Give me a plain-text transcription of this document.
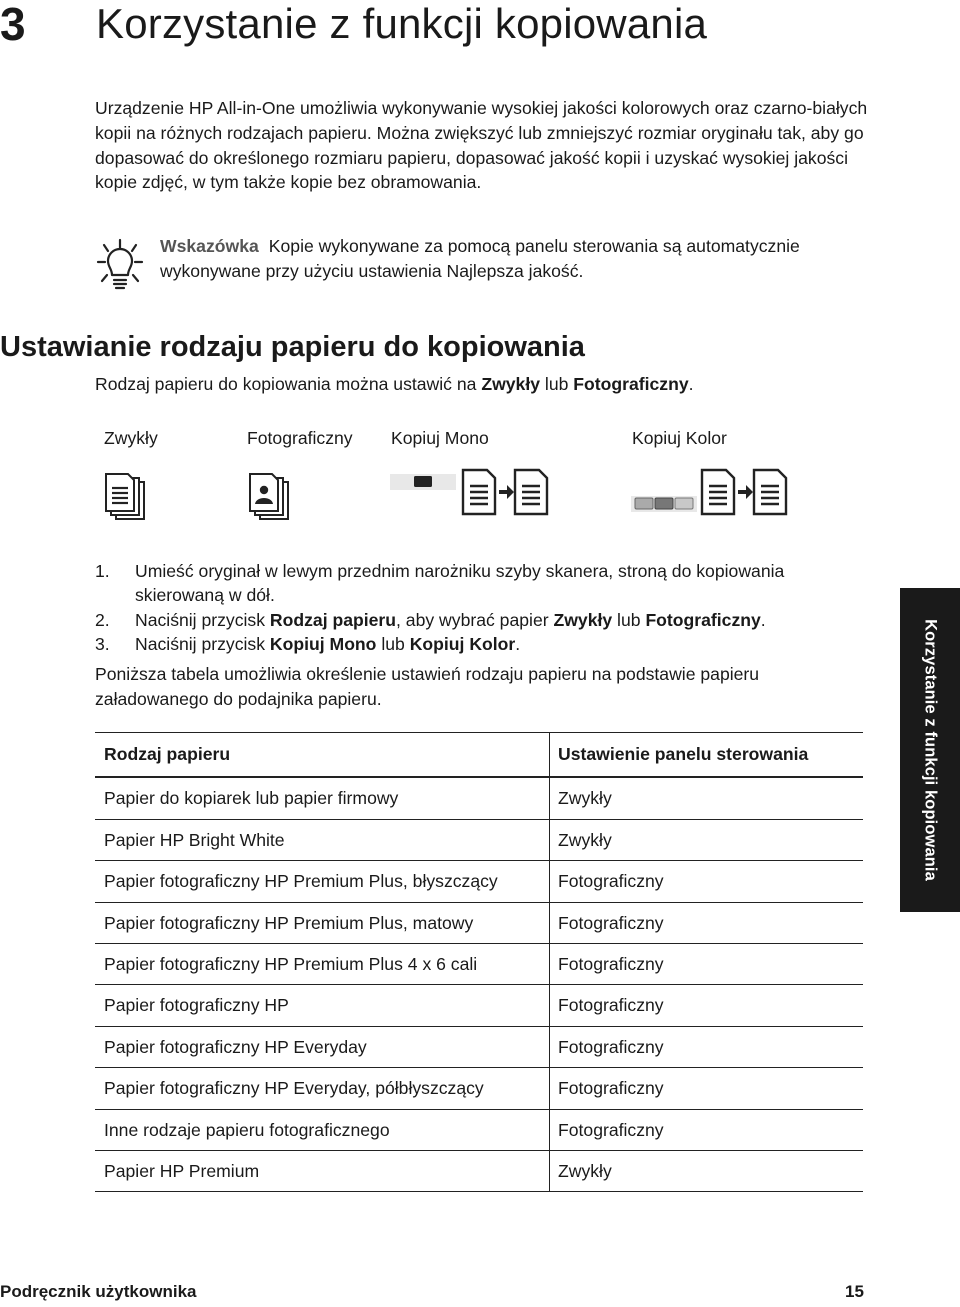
3 Korzystanie z funkcji kopiowania

Urządzenie HP All-in-One umożliwia wykonywanie wysokiej jakości kolorowych oraz czarno-białych kopii na różnych rodzajach papieru. Można zwiększyć lub zmniejszyć rozmiar oryginału tak, aby go dopasować do określonego rozmiaru papieru, dopasować jakość kopii i uzyskać wysokiej jakości kopie zdjęć, w tym także kopie bez obramowania.

Wskazówka Kopie wykonywane za pomocą panelu sterowania są automatycznie wykonywane przy użyciu ustawienia Najlepsza jakość.

Ustawianie rodzaju papieru do kopiowania

Rodzaj papieru do kopiowania można ustawić na Zwykły lub Fotograficzny.

Zwykły	Fotograficzny Kopiuj Mono	Kopiuj Kolor
1. Umieść oryginał w lewym przednim narożniku szyby skanera, stroną do kopiowania skierowaną w dół.
2. Naciśnij przycisk Rodzaj papieru, aby wybrać papier Zwykły lub Fotograficzny.
3. Naciśnij przycisk Kopiuj Mono lub Kopiuj Kolor.

Poniższa tabela umożliwia określenie ustawień rodzaju papieru na podstawie papieru załadowanego do podajnika papieru.

Rodzaj papieru	Ustawienie panelu sterowania
Papier do kopiarek lub papier firmowy	Zwykły
Papier HP Bright White	Zwykły
Papier fotograficzny HP Premium Plus, błyszczący	Fotograficzny
Papier fotograficzny HP Premium Plus, matowy	Fotograficzny
Papier fotograficzny HP Premium Plus 4 x 6 cali	Fotograficzny
Papier fotograficzny HP	Fotograficzny
Papier fotograficzny HP Everyday	Fotograficzny
Papier fotograficzny HP Everyday, półbłyszczący	Fotograficzny
Inne rodzaje papieru fotograficznego	Fotograficzny
Papier HP Premium	Zwykły
Korzystanie z funkcji kopiowania
Podręcznik użytkownika	15
